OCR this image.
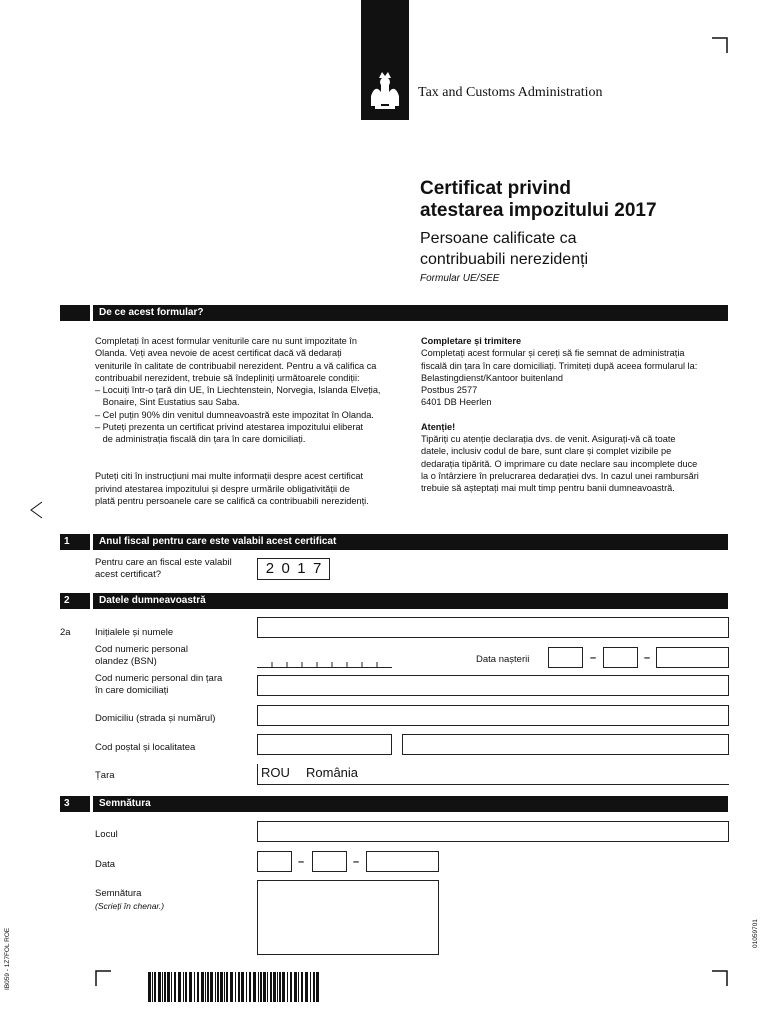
Tax and Customs Administration
Certificat privind
atestarea impozitului 2017
Persoane calificate ca
contribuabili nerezidenți
Formular UE/SEE
De ce acest formular?

Completați în acest formular veniturile care nu sunt impozitate în

Olanda. Veți avea nevoie de acest certificat dacă vă dedarați

veniturile în calitate de contribuabil nerezident. Pentru a vă califica ca

contribuabil nerezident, trebuie să îndepliniți următoarele condiții:

– Locuiți într-o țară din UE, în Liechtenstein, Norvegia, Islanda Elveția,

Bonaire, Sint Eustatius sau Saba.

– Cel puțin 90% din venitul dumneavoastră este impozitat în Olanda.

– Puteți prezenta un certificat privind atestarea impozitului eliberat

de administrația fiscală din țara în care domiciliați.

Puteți citi în instrucțiuni mai multe informații despre acest certificat

privind atestarea impozitului și despre urmările obligativității de

plată pentru persoanele care se califică ca contribuabili nerezidenți.

Completare și trimitere

Completați acest formular și cereți să fie semnat de administrația

fiscală din țara în care domiciliați. Trimiteți după aceea formularul la:

Belastingdienst/Kantoor buitenland

Postbus 2577

6401 DB Heerlen

Atenție!

Tipăriți cu atenție declarația dvs. de venit. Asigurați-vă că toate

datele, inclusiv codul de bare, sunt clare și complet vizibile pe

dedarația tipărită. O imprimare cu date neclare sau incomplete duce

la o întârziere în prelucrarea dedarației dvs. In cazul unei rambursări

trebuie să așteptați mai mult timp pentru banii dumneavoastră.

1	Anul fiscal pentru care este valabil acest certificat
Pentru care an fiscal este valabil
acest certificat?	2 0 1 7
2	Datele dumneavoastră
2a	Inițialele și numele
Cod numeric personal
olandez (BSN)	Data nașterii	–	–
Cod numeric personal din țara
în care domiciliați
Domiciliu (strada și numărul)
Cod poștal și localitatea
Țara	ROU România
3	Semnătura
Locul
Data	–	–
Semnătura
(Scrieți în chenar.)
IB059 - 1Z7FOL ROE	01059701
